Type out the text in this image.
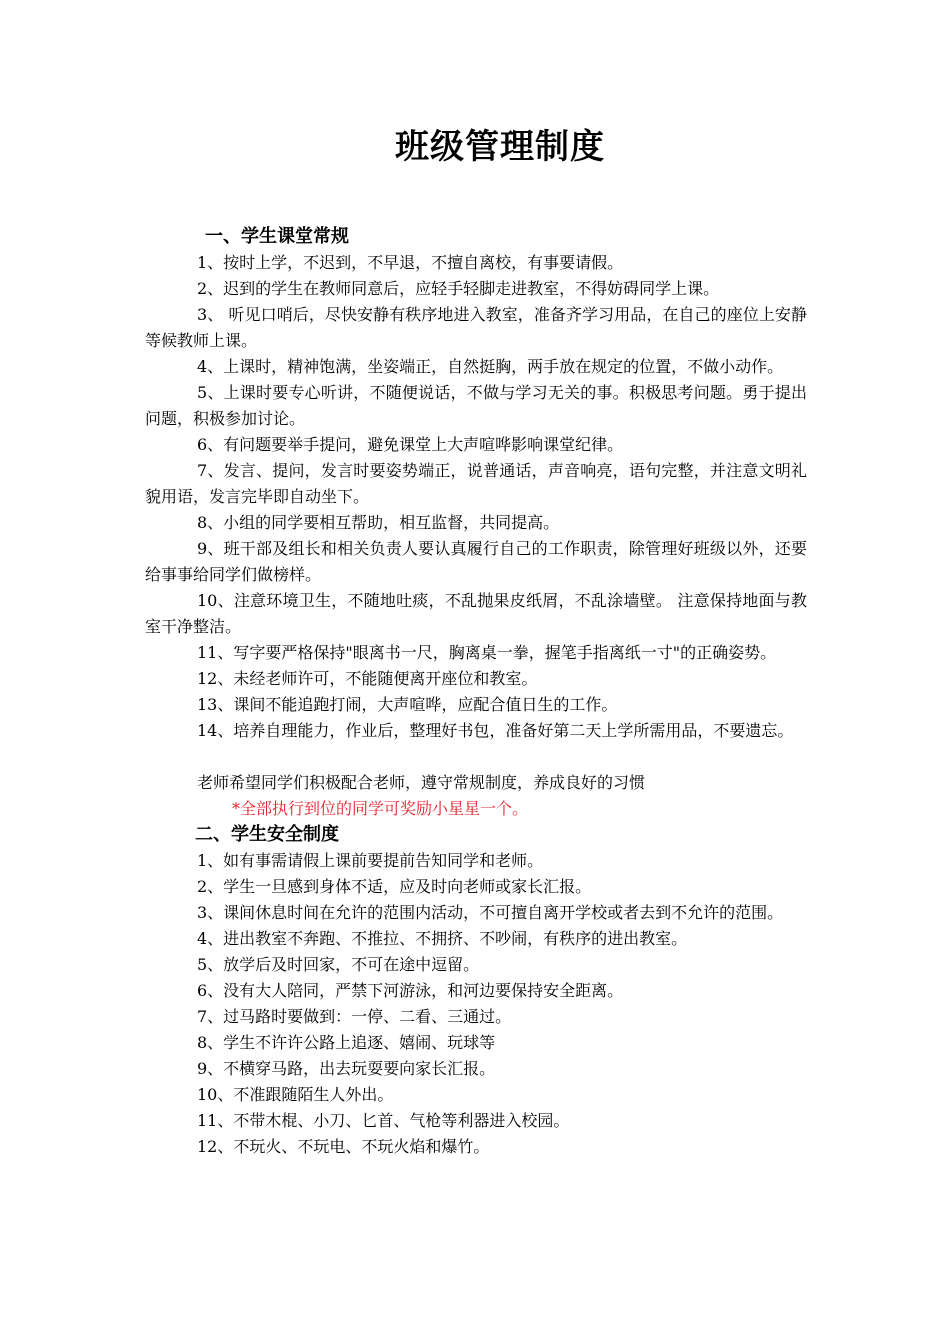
班级管理制度

一、学生课堂常规

1、按时上学，不迟到，不早退，不擅自离校，有事要请假。

2、迟到的学生在教师同意后，应轻手轻脚走进教室，不得妨碍同学上课。

3、 听见口哨后，尽快安静有秩序地进入教室，准备齐学习用品，在自己的座位上安静等候教师上课。

4、上课时，精神饱满，坐姿端正，自然挺胸，两手放在规定的位置，不做小动作。

5、上课时要专心听讲，不随便说话，不做与学习无关的事。积极思考问题。勇于提出问题，积极参加讨论。

6、有问题要举手提问，避免课堂上大声喧哗影响课堂纪律。

7、发言、提问，发言时要姿势端正，说普通话，声音响亮，语句完整，并注意文明礼貌用语，发言完毕即自动坐下。

8、小组的同学要相互帮助，相互监督，共同提高。

9、班干部及组长和相关负责人要认真履行自己的工作职责，除管理好班级以外，还要给事事给同学们做榜样。

10、注意环境卫生，不随地吐痰，不乱抛果皮纸屑，不乱涂墙壁。 注意保持地面与教室干净整洁。

11、写字要严格保持"眼离书一尺，胸离桌一拳，握笔手指离纸一寸"的正确姿势。

12、未经老师许可，不能随便离开座位和教室。

13、课间不能追跑打闹，大声喧哗，应配合值日生的工作。

14、培养自理能力，作业后，整理好书包，准备好第二天上学所需用品，不要遗忘。

老师希望同学们积极配合老师，遵守常规制度，养成良好的习惯

*全部执行到位的同学可奖励小星星一个。

二、学生安全制度

1、如有事需请假上课前要提前告知同学和老师。

2、学生一旦感到身体不适，应及时向老师或家长汇报。

3、课间休息时间在允许的范围内活动，不可擅自离开学校或者去到不允许的范围。

4、进出教室不奔跑、不推拉、不拥挤、不吵闹，有秩序的进出教室。

5、放学后及时回家，不可在途中逗留。

6、没有大人陪同，严禁下河游泳，和河边要保持安全距离。

7、过马路时要做到：一停、二看、三通过。

8、学生不许许公路上追逐、嬉闹、玩球等

9、不横穿马路，出去玩耍要向家长汇报。

10、不准跟随陌生人外出。

11、不带木棍、小刀、匕首、气枪等利器进入校园。

12、不玩火、不玩电、不玩火焰和爆竹。
